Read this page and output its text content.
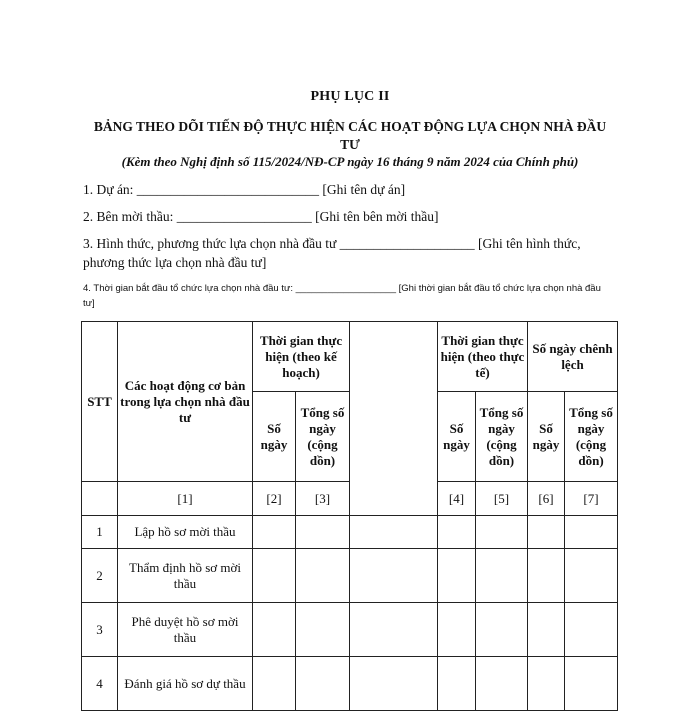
PHỤ LỤC II
BẢNG THEO DÕI TIẾN ĐỘ THỰC HIỆN CÁC HOẠT ĐỘNG LỰA CHỌN NHÀ ĐẦU TƯ
(Kèm theo Nghị định số 115/2024/NĐ-CP ngày 16 tháng 9 năm 2024 của Chính phủ)
1. Dự án: ___________________________ [Ghi tên dự án]
2. Bên mời thầu: ____________________ [Ghi tên bên mời thầu]
3. Hình thức, phương thức lựa chọn nhà đầu tư ____________________ [Ghi tên hình thức, phương thức lựa chọn nhà đầu tư]
4. Thời gian bắt đầu tổ chức lựa chọn nhà đầu tư: ___________________ [Ghi thời gian bắt đầu tổ chức lựa chọn nhà đầu tư]
STT	Các hoạt động cơ bản trong lựa chọn nhà đầu tư	Thời gian thực hiện (theo kế hoạch)			Thời gian thực hiện (theo thực tế)		Số ngày chênh lệch	
		Số ngày	Tổng số ngày (cộng dồn)		Số ngày	Tổng số ngày (cộng dồn)	Số ngày	Tổng số ngày (cộng dồn)
	[1]	[2]	[3]		[4]	[5]	[6]	[7]
1	Lập hồ sơ mời thầu							
2	Thẩm định hồ sơ mời thầu							
3	Phê duyệt hồ sơ mời thầu							
4	Đánh giá hồ sơ dự thầu							
